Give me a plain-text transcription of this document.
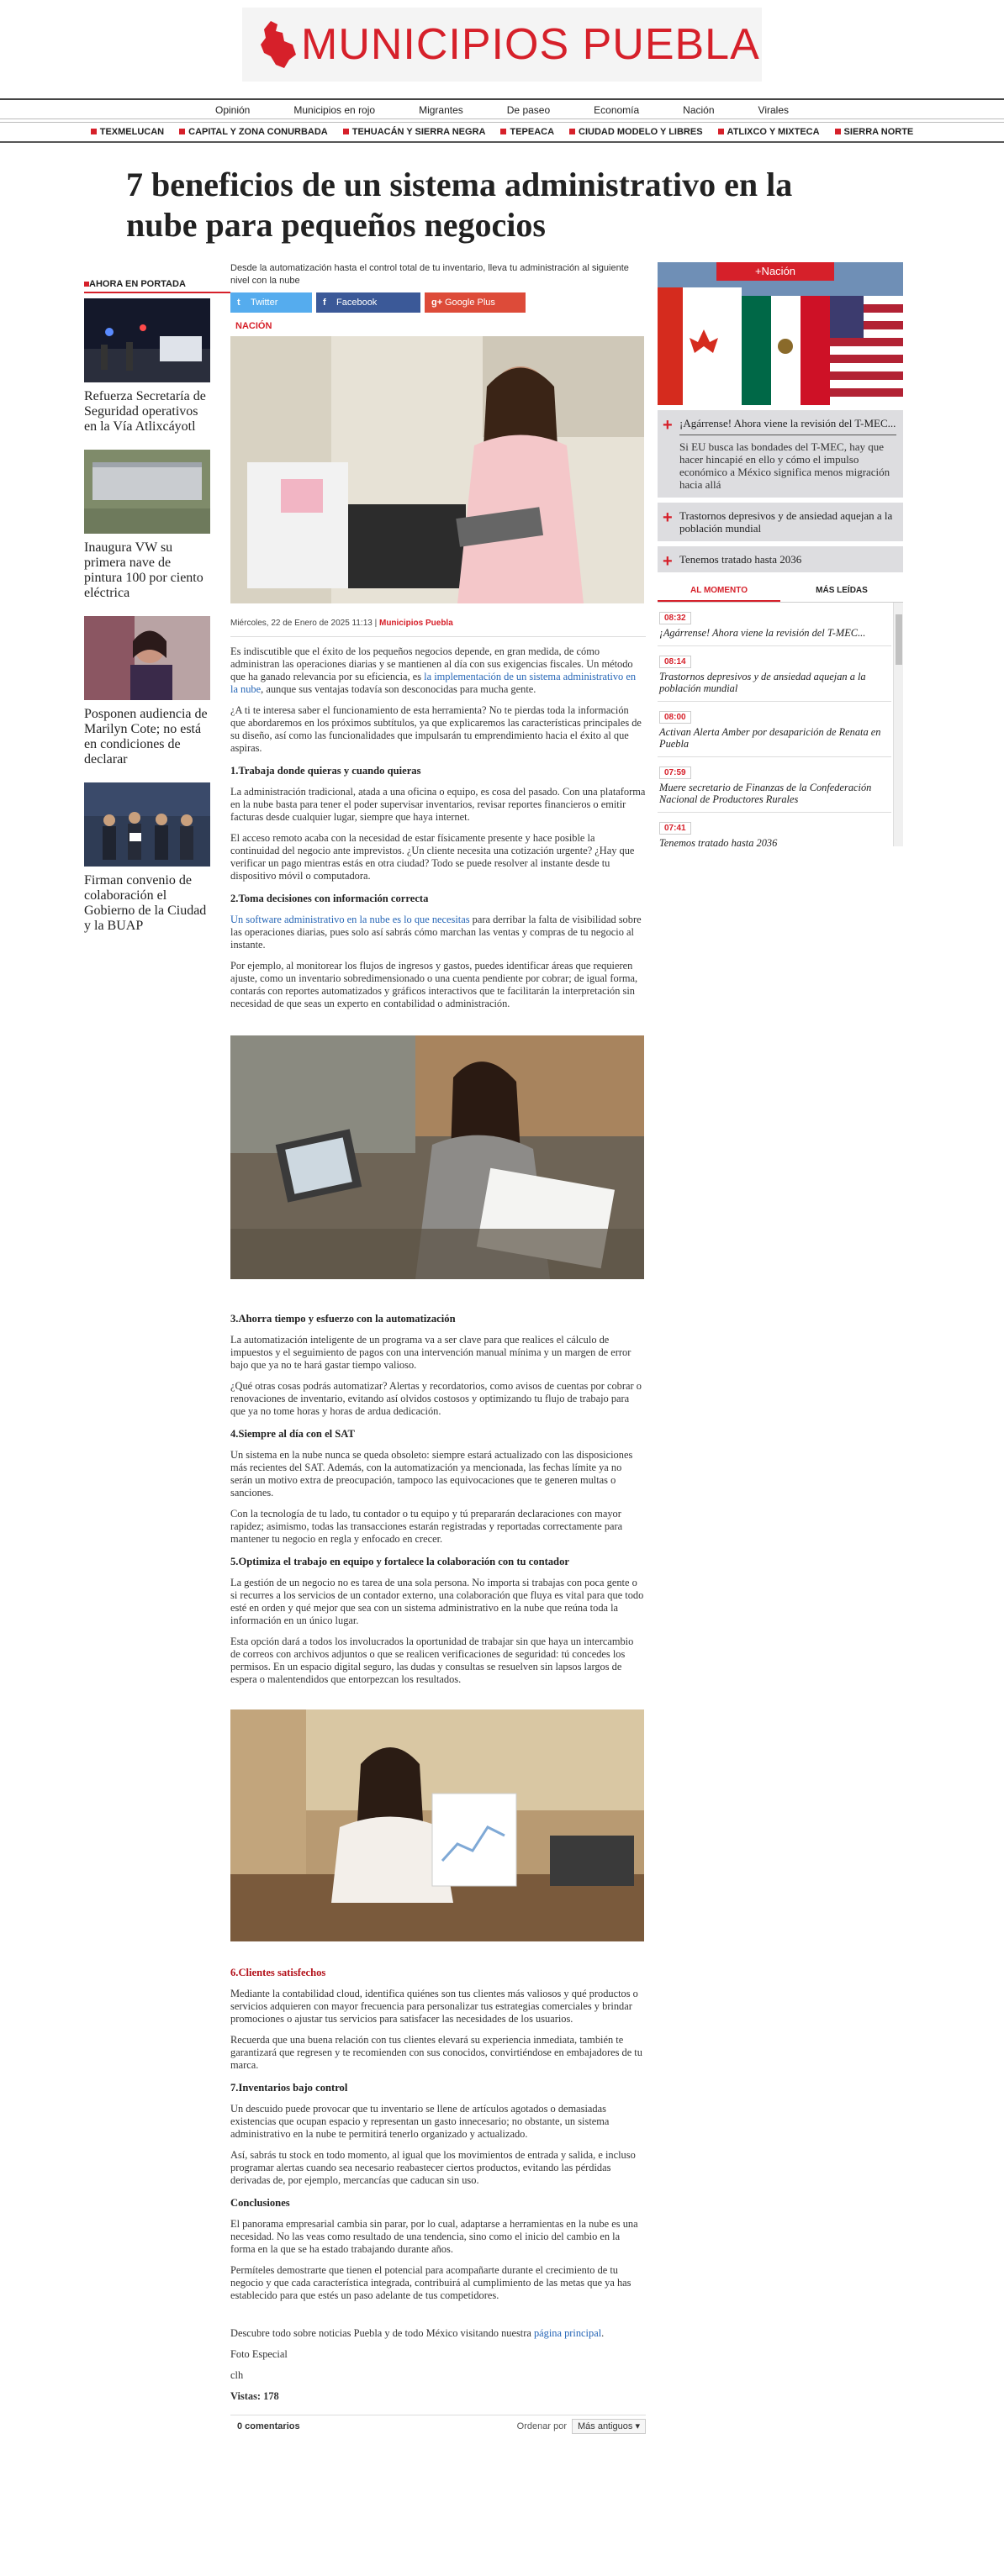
MUNICIPIOS PUEBLA
Opinión	Municipios en rojo	Migrantes	De paseo	Economía	Nación	Virales
TEXMELUCAN	CAPITAL Y ZONA CONURBADA	TEHUACÁN Y SIERRA NEGRA	TEPEACA	CIUDAD MODELO Y LIBRES	ATLIXCO Y MIXTECA	SIERRA NORTE
7 beneficios de un sistema administrativo en la nube para pequeños negocios
AHORA EN PORTADA
Refuerza Secretaría de Seguridad operativos en la Vía Atlixcáyotl
Inaugura VW su primera nave de pintura 100 por ciento eléctrica
Posponen audiencia de Marilyn Cote; no está en condiciones de declarar
Firman convenio de colaboración el Gobierno de la Ciudad y la BUAP
Desde la automatización hasta el control total de tu inventario, lleva tu administración al siguiente nivel con la nube
t Twitter	f Facebook	g+ Google Plus
NACIÓN
Miércoles, 22 de Enero de 2025 11:13 | Municipios Puebla

Es indiscutible que el éxito de los pequeños negocios depende, en gran medida, de cómo administran las operaciones diarias y se mantienen al día con sus exigencias fiscales. Un método que ha ganado relevancia por su eficiencia, es la implementación de un sistema administrativo en la nube, aunque sus ventajas todavía son desconocidas para mucha gente.

¿A ti te interesa saber el funcionamiento de esta herramienta? No te pierdas toda la información que abordaremos en los próximos subtítulos, ya que explicaremos las características principales de su diseño, así como las funcionalidades que impulsarán tu emprendimiento hacia el éxito al que aspiras.

1.Trabaja donde quieras y cuando quieras

La administración tradicional, atada a una oficina o equipo, es cosa del pasado. Con una plataforma en la nube basta para tener el poder supervisar inventarios, revisar reportes financieros o emitir facturas desde cualquier lugar, siempre que haya internet.

El acceso remoto acaba con la necesidad de estar físicamente presente y hace posible la continuidad del negocio ante imprevistos. ¿Un cliente necesita una cotización urgente? ¿Hay que verificar un pago mientras estás en otra ciudad? Todo se puede resolver al instante desde tu dispositivo móvil o computadora.

2.Toma decisiones con información correcta

Un software administrativo en la nube es lo que necesitas para derribar la falta de visibilidad sobre las operaciones diarias, pues solo así sabrás cómo marchan las ventas y compras de tu negocio al instante.

Por ejemplo, al monitorear los flujos de ingresos y gastos, puedes identificar áreas que requieren ajuste, como un inventario sobredimensionado o una cuenta pendiente por cobrar; de igual forma, contarás con reportes automatizados y gráficos interactivos que te facilitarán la interpretación sin necesidad de que seas un experto en contabilidad o administración.

3.Ahorra tiempo y esfuerzo con la automatización

La automatización inteligente de un programa va a ser clave para que realices el cálculo de impuestos y el seguimiento de pagos con una intervención manual mínima y un margen de error bajo que ya no te hará gastar tiempo valioso.

¿Qué otras cosas podrás automatizar? Alertas y recordatorios, como avisos de cuentas por cobrar o renovaciones de inventario, evitando así olvidos costosos y optimizando tu flujo de trabajo para que ya no tome horas y horas de ardua dedicación.

4.Siempre al día con el SAT

Un sistema en la nube nunca se queda obsoleto: siempre estará actualizado con las disposiciones más recientes del SAT. Además, con la automatización ya mencionada, las fechas límite ya no serán un motivo extra de preocupación, tampoco las equivocaciones que te generen multas o sanciones.

Con la tecnología de tu lado, tu contador o tu equipo y tú prepararán declaraciones con mayor rapidez; asimismo, todas las transacciones estarán registradas y reportadas correctamente para mantener tu negocio en regla y enfocado en crecer.

5.Optimiza el trabajo en equipo y fortalece la colaboración con tu contador

La gestión de un negocio no es tarea de una sola persona. No importa si trabajas con poca gente o si recurres a los servicios de un contador externo, una colaboración que fluya es vital para que todo esté en orden y qué mejor que sea con un sistema administrativo en la nube que reúna toda la información en un único lugar.

Esta opción dará a todos los involucrados la oportunidad de trabajar sin que haya un intercambio de correos con archivos adjuntos o que se realicen verificaciones de seguridad: tú concedes los permisos. En un espacio digital seguro, las dudas y consultas se resuelven sin lapsos largos de espera o malentendidos que entorpezcan los resultados.

6.Clientes satisfechos

Mediante la contabilidad cloud, identifica quiénes son tus clientes más valiosos y qué productos o servicios adquieren con mayor frecuencia para personalizar tus estrategias comerciales y brindar promociones o ajustar tus servicios para satisfacer las necesidades de los usuarios.

Recuerda que una buena relación con tus clientes elevará su experiencia inmediata, también te garantizará que regresen y te recomienden con sus conocidos, convirtiéndose en embajadores de tu marca.

7.Inventarios bajo control

Un descuido puede provocar que tu inventario se llene de artículos agotados o demasiadas existencias que ocupan espacio y representan un gasto innecesario; no obstante, un sistema administrativo en la nube te permitirá tenerlo organizado y actualizado.

Así, sabrás tu stock en todo momento, al igual que los movimientos de entrada y salida, e incluso programar alertas cuando sea necesario reabastecer ciertos productos, evitando las pérdidas derivadas de, por ejemplo, mercancías que caducan sin uso.

Conclusiones

El panorama empresarial cambia sin parar, por lo cual, adaptarse a herramientas en la nube es una necesidad. No las veas como resultado de una tendencia, sino como el inicio del cambio en la forma en la que se ha estado trabajando durante años.

Permíteles demostrarte que tienen el potencial para acompañarte durante el crecimiento de tu negocio y que cada característica integrada, contribuirá al cumplimiento de las metas que ya has establecido para que estés un paso adelante de tus competidores.

Descubre todo sobre noticias Puebla y de todo México visitando nuestra página principal.

Foto Especial

clh

Vistas: 178

0 comentarios	Ordenar por Más antiguos ▾
+Nación
+ ¡Agárrense! Ahora viene la revisión del T-MEC...
Si EU busca las bondades del T-MEC, hay que hacer hincapié en ello y cómo el impulso económico a México significa menos migración hacia allá
+ Trastornos depresivos y de ansiedad aquejan a la población mundial
+ Tenemos tratado hasta 2036
AL MOMENTO	MÁS LEÍDAS
08:32
¡Agárrense! Ahora viene la revisión del T-MEC...
08:14
Trastornos depresivos y de ansiedad aquejan a la población mundial
08:00
Activan Alerta Amber por desaparición de Renata en Puebla
07:59
Muere secretario de Finanzas de la Confederación Nacional de Productores Rurales
07:41
Tenemos tratado hasta 2036
